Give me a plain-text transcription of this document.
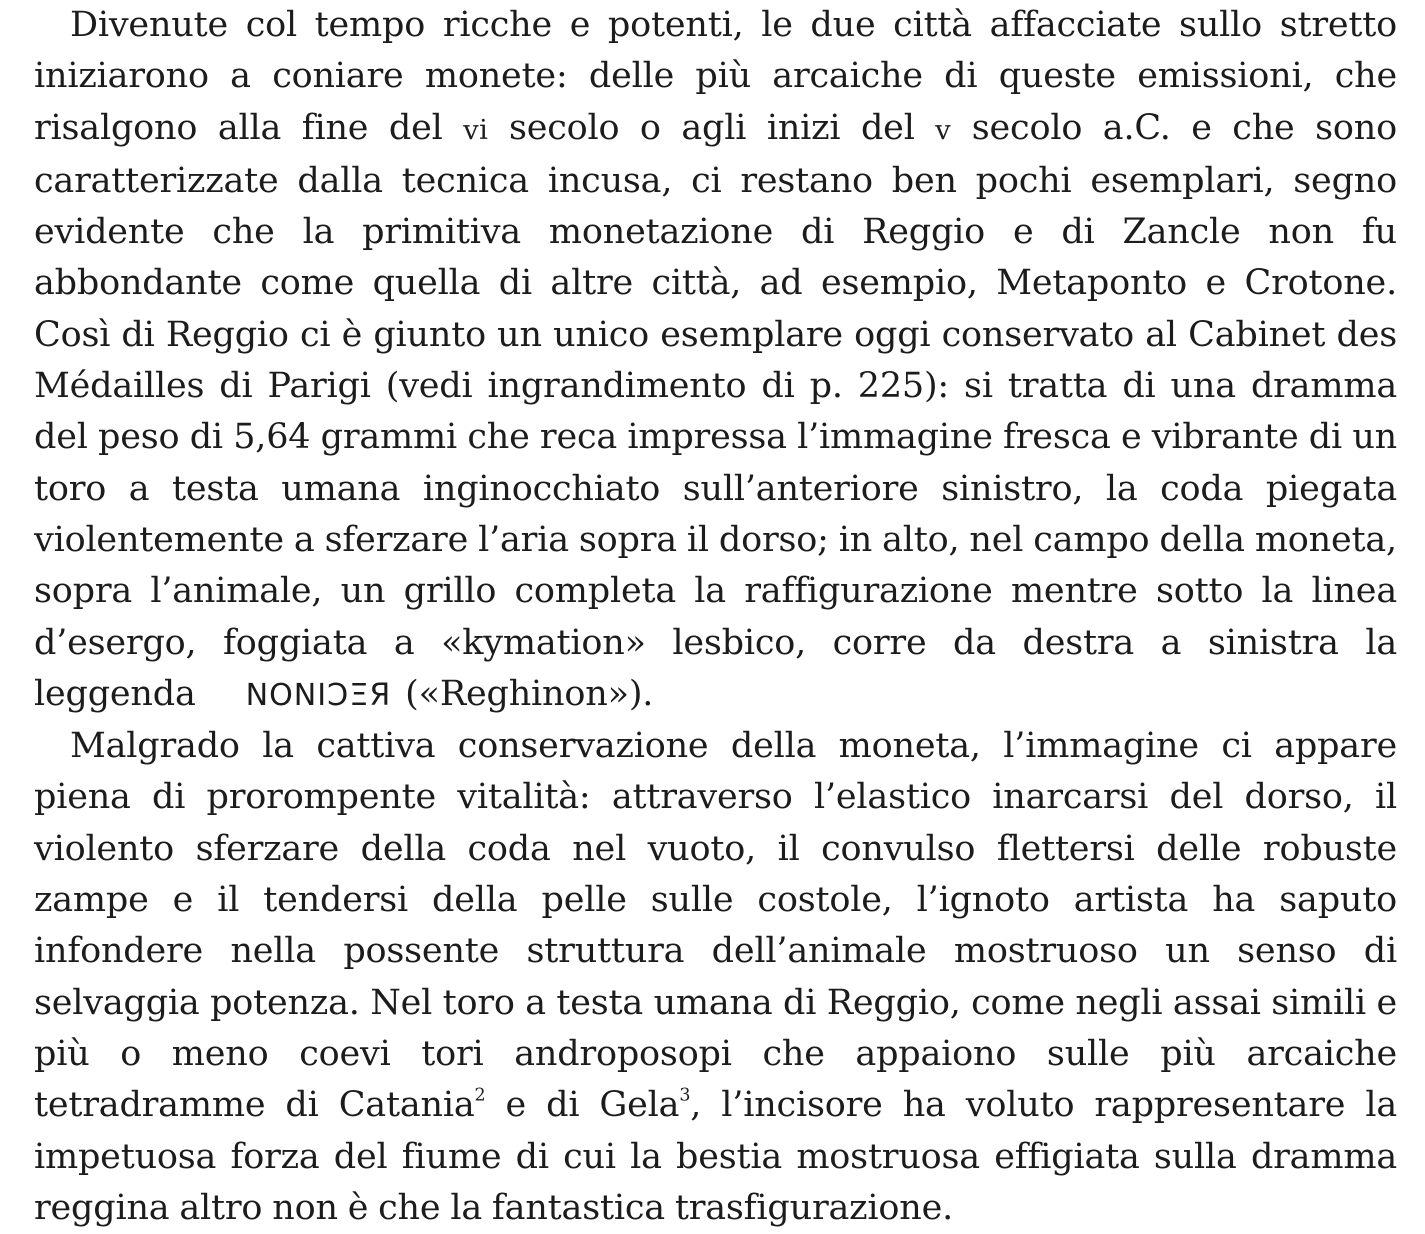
Divenute col tempo ricche e potenti, le due città affacciate sullo stretto iniziarono a coniare monete: delle più arcaiche di queste emissioni, che risalgono alla fine del vi secolo o agli inizi del v secolo a.C. e che sono caratterizzate dalla tecnica incusa, ci restano ben pochi esemplari, segno evidente che la primitiva monetazione di Reggio e di Zancle non fu abbondante come quella di altre città, ad esempio, Metaponto e Crotone. Così di Reggio ci è giunto un unico esemplare oggi conservato al Cabinet des Médailles di Parigi (vedi ingrandimento di p. 225): si tratta di una dramma del peso di 5,64 grammi che reca impressa l’immagine fresca e vibrante di un toro a testa umana inginocchiato sull’anteriore sinistro, la coda piegata violentemente a sferzare l’aria sopra il dorso; in alto, nel campo della moneta, sopra l’animale, un grillo completa la raffigurazione mentre sotto la linea d’esergo, foggiata a «kymation» lesbico, corre da destra a sinistra la leggenda ΝΟΝΙϽΞЯ («Reghinon»).

Malgrado la cattiva conservazione della moneta, l’immagine ci appare piena di prorompente vitalità: attraverso l’elastico inarcarsi del dorso, il violento sferzare della coda nel vuoto, il convulso flettersi delle robuste zampe e il tendersi della pelle sulle costole, l’ignoto artista ha saputo infondere nella possente struttura dell’animale mostruoso un senso di selvaggia potenza. Nel toro a testa umana di Reggio, come negli assai simili e più o meno coevi tori androposopi che appaiono sulle più arcaiche tetradramme di Catania$^2$ e di Gela$^3$, l’incisore ha voluto rappresentare la impetuosa forza del fiume di cui la bestia mostruosa effigiata sulla dramma reggina altro non è che la fantastica trasfigurazione.
